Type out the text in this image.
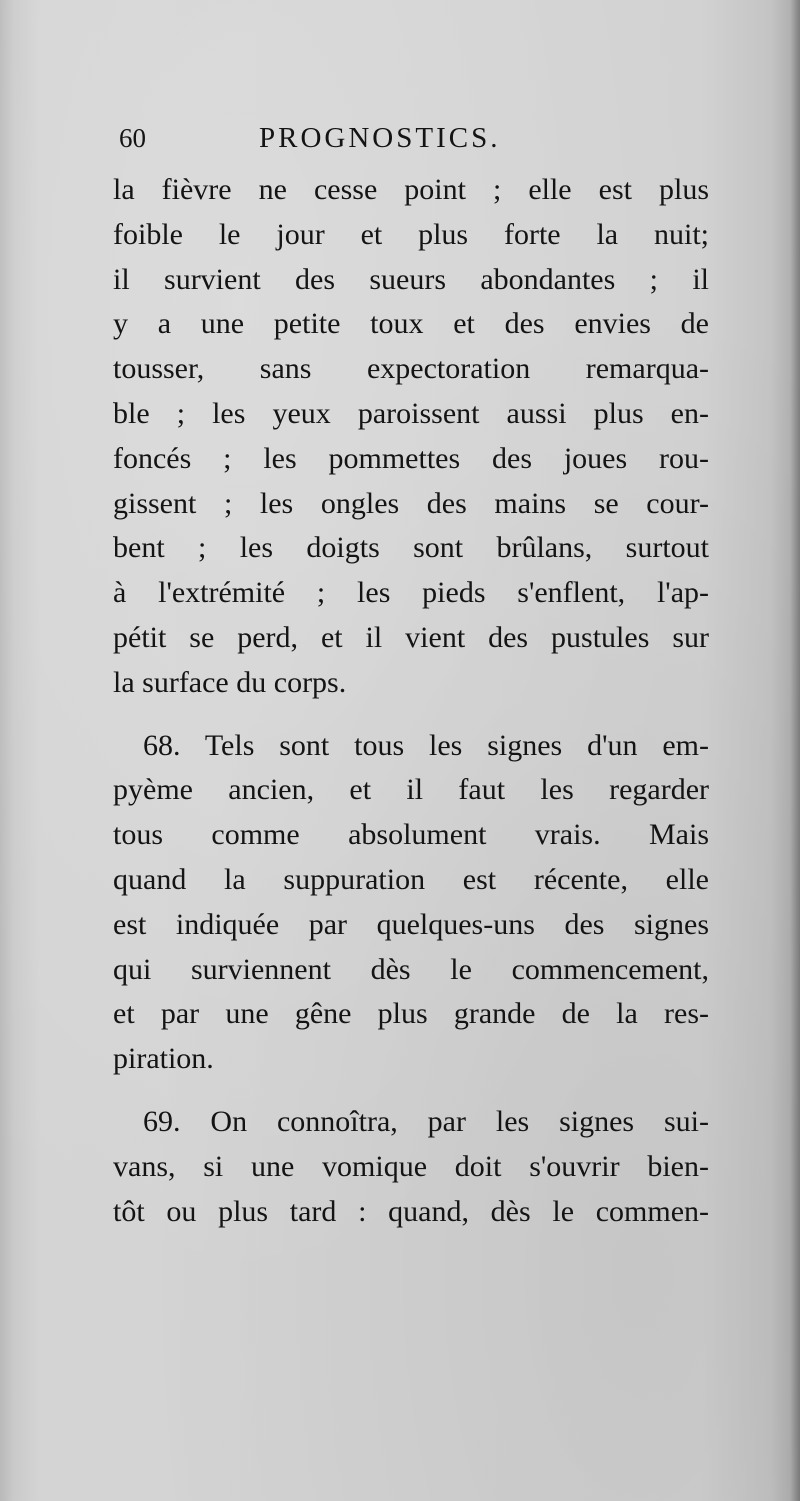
60	PROGNOSTICS.
la fièvre ne cesse point ; elle est plus
foible le jour et plus forte la nuit;
il survient des sueurs abondantes ; il
y a une petite toux et des envies de
tousser, sans expectoration remarqua-
ble ; les yeux paroissent aussi plus en-
foncés ; les pommettes des joues rou-
gissent ; les ongles des mains se cour-
bent ; les doigts sont brûlans, surtout
à l'extrémité ; les pieds s'enflent, l'ap-
pétit se perd, et il vient des pustules sur
la surface du corps.
68. Tels sont tous les signes d'un em-
pyème ancien, et il faut les regarder
tous comme absolument vrais. Mais
quand la suppuration est récente, elle
est indiquée par quelques-uns des signes
qui surviennent dès le commencement,
et par une gêne plus grande de la res-
piration.
69. On connoîtra, par les signes sui-
vans, si une vomique doit s'ouvrir bien-
tôt ou plus tard : quand, dès le commen-
